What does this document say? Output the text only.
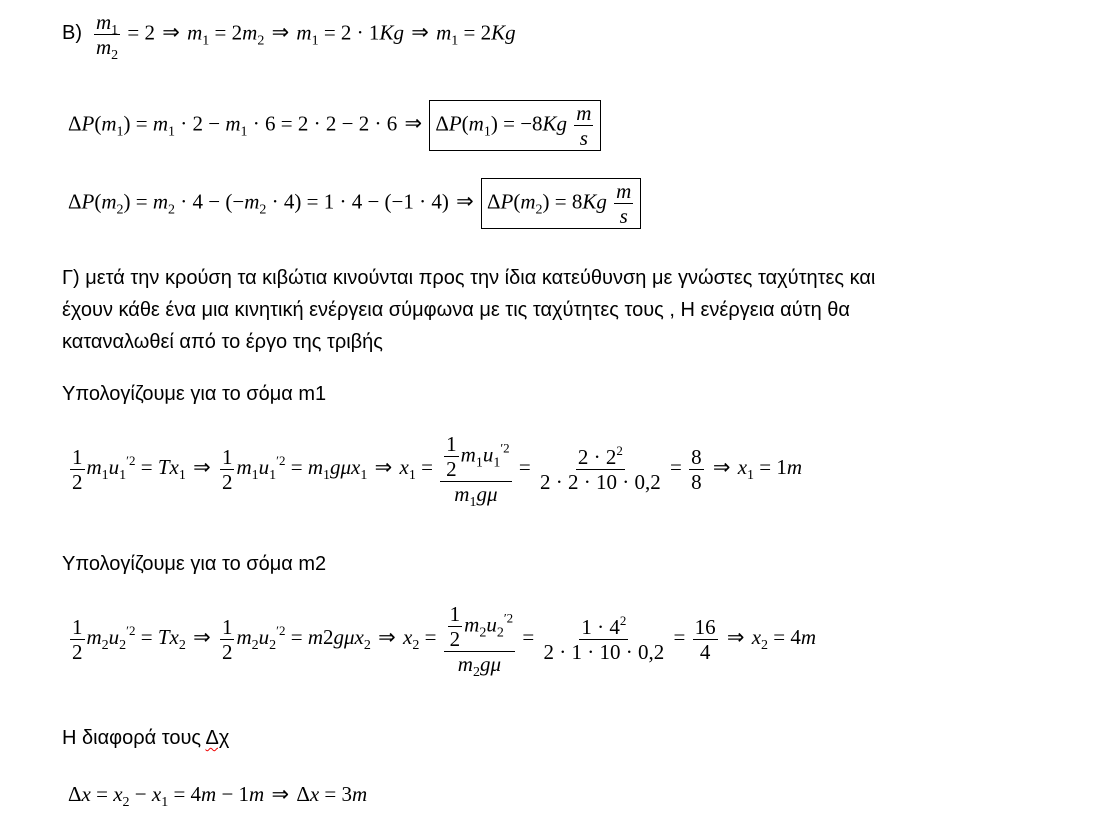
$B) \frac{m_1}{m_2} = 2$ ⇒ $m_1 = 2m_2$ ⇒ $m_1 = 2 \cdot 1Kg$ ⇒ $m_1 = 2Kg$
$\Delta P(m_1) = m_1 \cdot 2 - m_1 \cdot 6 = 2 \cdot 2 - 2 \cdot 6$ ⇒ $\Delta P(m_1) = -8Kg \frac{m}{s}$
$\Delta P(m_2) = m_2 \cdot 4 - (-m_2 \cdot 4) = 1 \cdot 4 - (-1 \cdot 4)$ ⇒ $\Delta P(m_2) = 8Kg \frac{m}{s}$
Γ) μετά την κρούση τα κιβώτια κινούνται προς την ίδια κατεύθυνση με γνώστες ταχύτητες και
έχουν κάθε ένα μια κινητική ενέργεια σύμφωνα με τις ταχύτητες τους , Η ενέργεια αύτη θα
καταναλωθεί από το έργο της τριβής
Υπολογίζουμε για το σόμα m1
$\frac{1}{2} m_1u_1^{'2} = Tx_1$ ⇒ $\frac{1}{2} m_1u_1^{'2} = m_1g\mu x_1$ ⇒ $x_1 = \frac{\frac{1}{2} m_1u_1^{'2}}{m_1g\mu} = \frac{2 \cdot 2^2}{2 \cdot 2 \cdot 10 \cdot 0,2} = \frac{8}{8}$ ⇒ $x_1 = 1m$
Υπολογίζουμε για το σόμα m2
$\frac{1}{2} m_2u_2^{'2} = Tx_2$ ⇒ $\frac{1}{2} m_2u_2^{'2} = m2g\mu x_2$ ⇒ $x_2 = \frac{\frac{1}{2} m_2u_2^{'2}}{m_2g\mu} = \frac{1 \cdot 4^2}{2 \cdot 1 \cdot 10 \cdot 0,2} = \frac{16}{4}$ ⇒ $x_2 = 4m$
Η διαφορά τους Δχ
$\Delta x = x_2 - x_1 = 4m - 1m$ ⇒ Δx = 3m
